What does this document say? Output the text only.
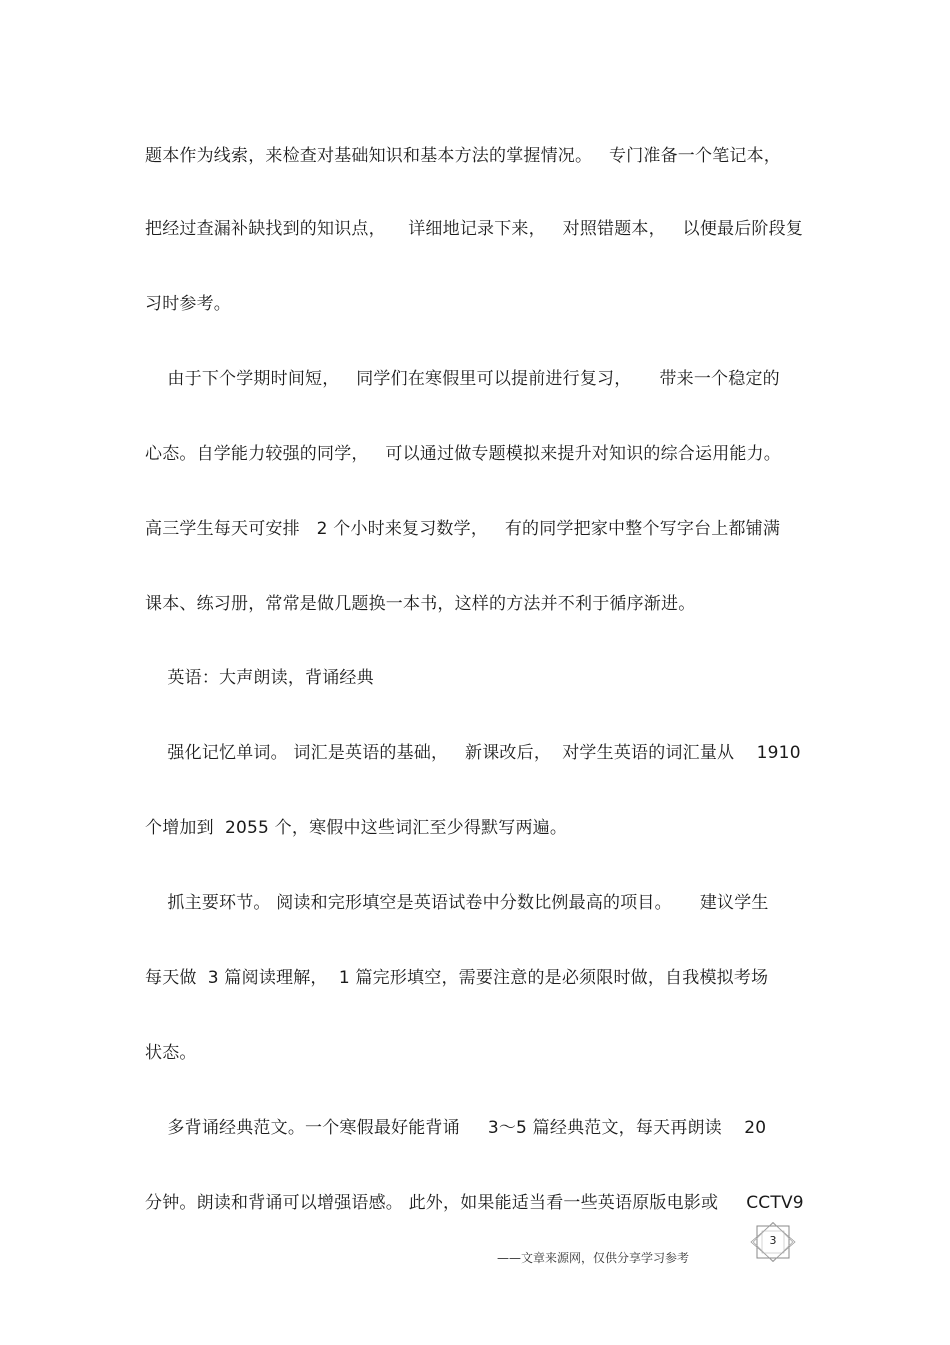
题本作为线索，来检查对基础知识和基本方法的掌握情况。   专门准备一个笔记本，
把经过查漏补缺找到的知识点，    详细地记录下来，   对照错题本，   以便最后阶段复
习时参考。
由于下个学期时间短，   同学们在寒假里可以提前进行复习，     带来一个稳定的
心态。自学能力较强的同学，   可以通过做专题模拟来提升对知识的综合运用能力。
高三学生每天可安排   2 个小时来复习数学，   有的同学把家中整个写字台上都铺满
课本、练习册，常常是做几题换一本书，这样的方法并不利于循序渐进。
英语：大声朗读，背诵经典
强化记忆单词。 词汇是英语的基础，   新课改后，  对学生英语的词汇量从    1910
个增加到  2055 个，寒假中这些词汇至少得默写两遍。
抓主要环节。 阅读和完形填空是英语试卷中分数比例最高的项目。     建议学生
每天做  3 篇阅读理解，  1 篇完形填空，需要注意的是必须限时做，自我模拟考场
状态。
多背诵经典范文。一个寒假最好能背诵     3～5 篇经典范文，每天再朗读    20
分钟。朗读和背诵可以增强语感。 此外，如果能适当看一些英语原版电影或     CCTV9
——文章来源网，仅供分享学习参考
3
